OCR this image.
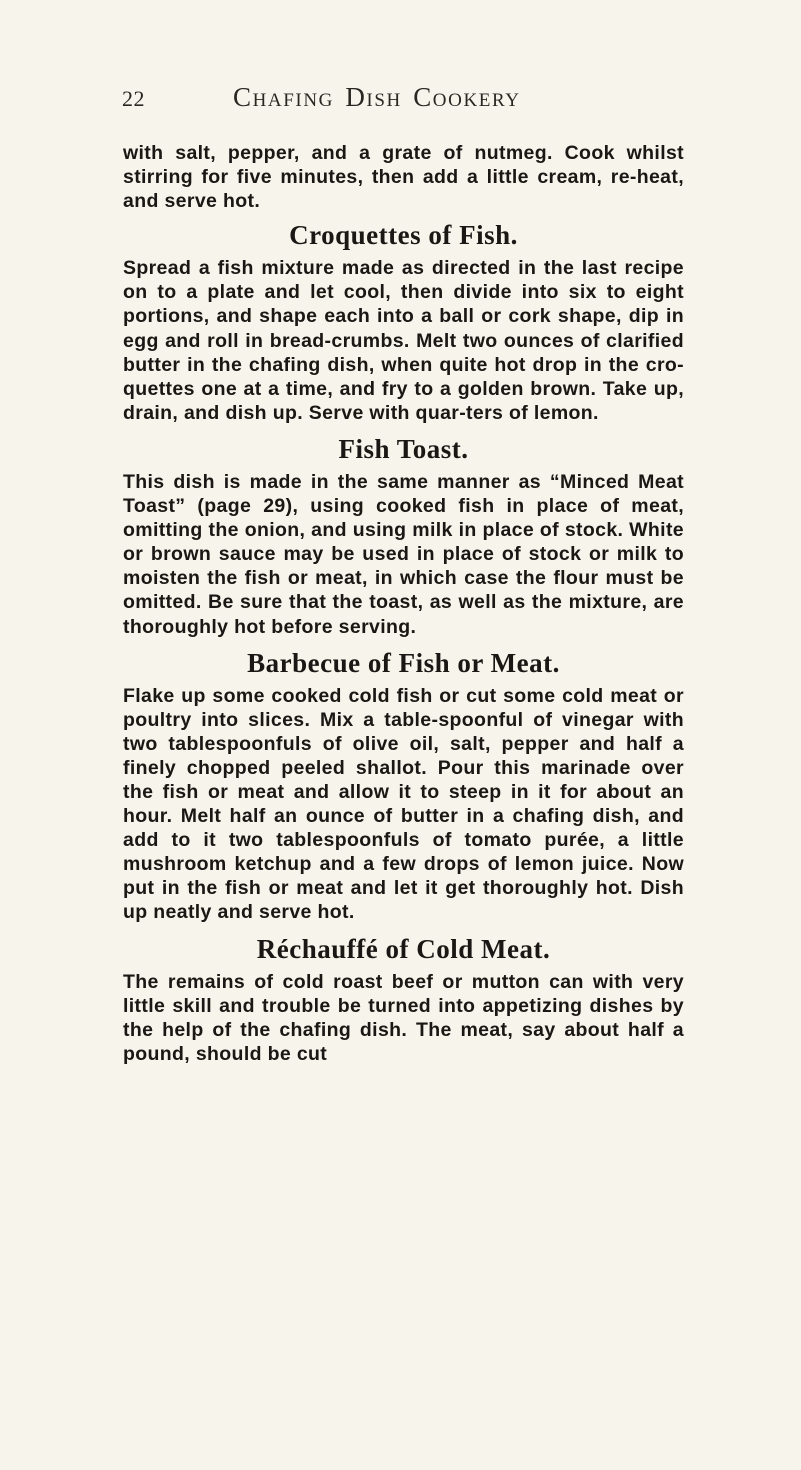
22	Chafing Dish Cookery

with salt, pepper, and a grate of nutmeg. Cook whilst stirring for five minutes, then add a little cream, re-heat, and serve hot.

Croquettes of Fish.

Spread a fish mixture made as directed in the last recipe on to a plate and let cool, then divide into six to eight portions, and shape each into a ball or cork shape, dip in egg and roll in bread-crumbs. Melt two ounces of clarified butter in the chafing dish, when quite hot drop in the cro-quettes one at a time, and fry to a golden brown. Take up, drain, and dish up. Serve with quar-ters of lemon.

Fish Toast.

This dish is made in the same manner as “Minced Meat Toast” (page 29), using cooked fish in place of meat, omitting the onion, and using milk in place of stock. White or brown sauce may be used in place of stock or milk to moisten the fish or meat, in which case the flour must be omitted. Be sure that the toast, as well as the mixture, are thoroughly hot before serving.

Barbecue of Fish or Meat.

Flake up some cooked cold fish or cut some cold meat or poultry into slices. Mix a table-spoonful of vinegar with two tablespoonfuls of olive oil, salt, pepper and half a finely chopped peeled shallot. Pour this marinade over the fish or meat and allow it to steep in it for about an hour. Melt half an ounce of butter in a chafing dish, and add to it two tablespoonfuls of tomato purée, a little mushroom ketchup and a few drops of lemon juice. Now put in the fish or meat and let it get thoroughly hot. Dish up neatly and serve hot.

Réchauffé of Cold Meat.

The remains of cold roast beef or mutton can with very little skill and trouble be turned into appetizing dishes by the help of the chafing dish. The meat, say about half a pound, should be cut
